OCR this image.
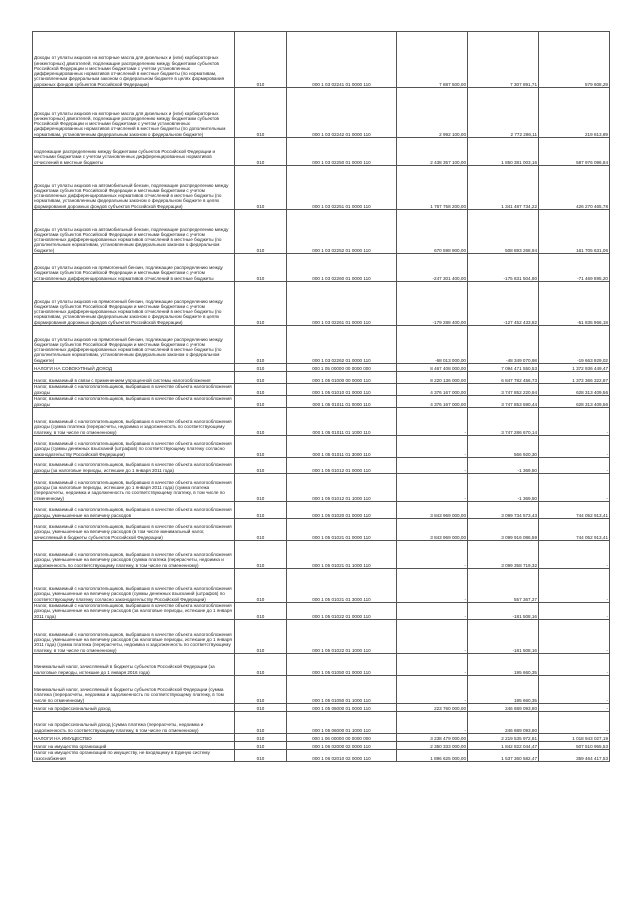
Доходы от уплаты акцизов на моторные масла для дизельных и (или) карбюраторных (инжекторных) двигателей, подлежащие распределению между бюджетами субъектов Российской Федерации и местными бюджетами с учетом установленных дифференцированных нормативов отчислений в местные бюджеты (по нормативам, установленным федеральным законом о федеральном бюджете в целях формирования дорожных фондов субъектов Российской Федерации)	010	000 1 03 02241 01 0000 110	7 887 500,00	7 307 891,71	579 608,29
Доходы от уплаты акцизов на моторные масла для дизельных и (или) карбюраторных (инжекторных) двигателей, подлежащие распределению между бюджетами субъектов Российской Федерации и местными бюджетами с учетом установленных дифференцированных нормативов отчислений в местные бюджеты (по дополнительным нормативам, установленным федеральным законом о федеральном бюджете)	010	000 1 03 02242 01 0000 110	2 992 100,00	2 772 286,11	219 813,89
подлежащие распределению между бюджетами субъектов Российской Федерации и местными бюджетами с учетом установленных дифференцированных нормативов отчислений в местные бюджеты	010	000 1 03 02250 01 0000 110	2 438 357 100,00	1 850 381 003,16	587 976 096,84
Доходы от уплаты акцизов на автомобильный бензин, подлежащие распределению между бюджетами субъектов Российской Федерации и местными бюджетами с учетом установленных дифференцированных нормативов отчислений в местные бюджеты (по нормативам, установленным федеральным законом о федеральном бюджете в целях формирования дорожных фондов субъектов Российской Федерации)	010	000 1 03 02251 01 0000 110	1 767 758 200,00	1 341 487 734,22	426 270 465,78
Доходы от уплаты акцизов на автомобильный бензин, подлежащие распределению между бюджетами субъектов Российской Федерации и местными бюджетами с учетом установленных дифференцированных нормативов отчислений в местные бюджеты (по дополнительным нормативам, установленным федеральным законом о федеральном бюджете)	010	000 1 03 02252 01 0000 110	670 598 900,00	508 893 268,94	161 705 631,06
Доходы от уплаты акцизов на прямогонный бензин, подлежащие распределению между бюджетами субъектов Российской Федерации и местными бюджетами с учетом установленных дифференцированных нормативов отчислений в местные бюджеты	010	000 1 03 02260 01 0000 110	-247 301 400,00	-175 831 504,80	-71 469 895,20
Доходы от уплаты акцизов на прямогонный бензин, подлежащие распределению между бюджетами субъектов Российской Федерации и местными бюджетами с учетом установленных дифференцированных нормативов отчислений в местные бюджеты (по нормативам, установленным федеральным законом о федеральном бюджете в целях формирования дорожных фондов субъектов Российской Федерации)	010	000 1 03 02261 01 0000 110	-179 288 400,00	-127 452 433,82	-51 835 966,18
Доходы от уплаты акцизов на прямогонный бензин, подлежащие распределению между бюджетами субъектов Российской Федерации и местными бюджетами с учетом установленных дифференцированных нормативов отчислений в местные бюджеты (по дополнительным нормативам, установленным федеральным законом о федеральном бюджете)	010	000 1 03 02262 01 0000 110	-68 013 000,00	-48 349 070,98	-19 663 929,02
НАЛОГИ НА СОВОКУПНЫЙ ДОХОД	010	000 1 05 00000 00 0000 000	8 467 408 000,00	7 094 471 550,53	1 372 936 449,47
Налог, взимаемый в связи с применением упрощенной системы налогообложения	010	000 1 05 01000 00 0000 110	8 220 136 000,00	6 847 782 456,73	1 372 366 322,87
Налог, взимаемый с налогоплательщиков, выбравших в качестве объекта налогообложения доходы	010	000 1 05 01010 01 0000 110	4 376 167 000,00	3 747 852 220,94	628 313 409,56
Налог, взимаемый с налогоплательщиков, выбравших в качестве объекта налогообложения доходы	010	000 1 05 01011 01 0000 110	4 376 167 000,00	3 747 853 590,44	628 313 409,56
Налог, взимаемый с налогоплательщиков, выбравших в качестве объекта налогообложения доходы (сумма платежа (перерасчеты, недоимка и задолженность по соответствующему платежу, в том числе по отмененному)	010	000 1 05 01011 01 1000 110	-	3 747 286 670,14	-
Налог, взимаемый с налогоплательщиков, выбравших в качестве объекта налогообложения доходы (суммы денежных взысканий (штрафов) по соответствующему платежу согласно законодательству Российской Федерации)	010	000 1 05 01011 01 3000 110	-	566 920,30	-
Налог, взимаемый с налогоплательщиков, выбравших в качестве объекта налогообложения доходы (за налоговые периоды, истекшие до 1 января 2011 года)	010	000 1 05 01012 01 0000 110	-	-1 369,50	-
Налог, взимаемый с налогоплательщиков, выбравших в качестве объекта налогообложения доходы (за налоговые периоды, истекшие до 1 января 2011 года) (сумма платежа (перерасчеты, недоимка и задолженность по соответствующему платежу, в том числе по отмененному)	010	000 1 05 01012 01 1000 110	-	-1 369,50	-
Налог, взимаемый с налогоплательщиков, выбравших в качестве объекта налогообложения доходы, уменьшенные на величину расходов	010	000 1 05 01020 01 0000 110	3 843 969 000,00	3 099 734 573,43	744 052 913,41
Налог, взимаемый с налогоплательщиков, выбравших в качестве объекта налогообложения доходы, уменьшенные на величину расходов (в том числе минимальный налог, зачисляемый в бюджеты субъектов Российской Федерации)	010	000 1 05 01021 01 0000 110	3 843 969 000,00	3 099 916 086,59	744 052 913,41
Налог, взимаемый с налогоплательщиков, выбравших в качестве объекта налогообложения доходы, уменьшенные на величину расходов (сумма платежа (перерасчеты, недоимка и задолженность по соответствующему платежу, в том числе по отмененному)	010	000 1 05 01021 01 1000 110	-	3 099 358 719,32	-
Налог, взимаемый с налогоплательщиков, выбравших в качестве объекта налогообложения доходы, уменьшенные на величину расходов (суммы денежных взысканий (штрафов) по соответствующему платежу согласно законодательству Российской Федерации)	010	000 1 05 01021 01 3000 110	-	557 367,27	-
Налог, взимаемый с налогоплательщиков, выбравших в качестве объекта налогообложения доходы, уменьшенные на величину расходов (за налоговые периоды, истекшие до 1 января 2011 года)	010	000 1 05 01022 01 0000 110	-	-181 508,16	-
Налог, взимаемый с налогоплательщиков, выбравших в качестве объекта налогообложения доходы, уменьшенные на величину расходов (за налоговые периоды, истекшие до 1 января 2011 года) (сумма платежа (перерасчеты, недоимка и задолженность по соответствующему платежу, в том числе по отмененному)	010	000 1 05 01022 01 1000 110	-	-181 508,16	-
Минимальный налог, зачисляемый в бюджеты субъектов Российской Федерации (за налоговые периоды, истекшие до 1 января 2016 года)	010	000 1 05 01050 01 0000 110	-	195 660,35	-
Минимальный налог, зачисляемый в бюджеты субъектов Российской Федерации (сумма платежа (перерасчеты, недоимка и задолженность по соответствующему платежу, в том числе по отмененному)	010	000 1 05 01050 01 1000 110	-	195 660,35	-
Налог на профессиональный доход	010	000 1 05 06000 01 0000 110	223 760 000,00	246 689 093,80	-
Налог на профессиональный доход (сумма платежа (перерасчеты, недоимка и задолженность по соответствующему платежу, в том числе по отмененному)	010	000 1 05 06000 01 1000 110	-	246 689 093,80	-
НАЛОГИ НА ИМУЩЕСТВО	010	000 1 06 00000 00 0000 000	3 238 479 000,00	2 219 535 972,81	1 018 943 027,19
Налог на имущество организаций	010	000 1 06 02000 02 0000 110	2 350 333 000,00	1 842 822 044,47	507 510 955,53
Налог на имущество организаций по имуществу, не входящему в Единую систему газоснабжения	010	000 1 06 02010 02 0000 110	1 896 625 000,00	1 537 360 582,47	359 464 417,53
